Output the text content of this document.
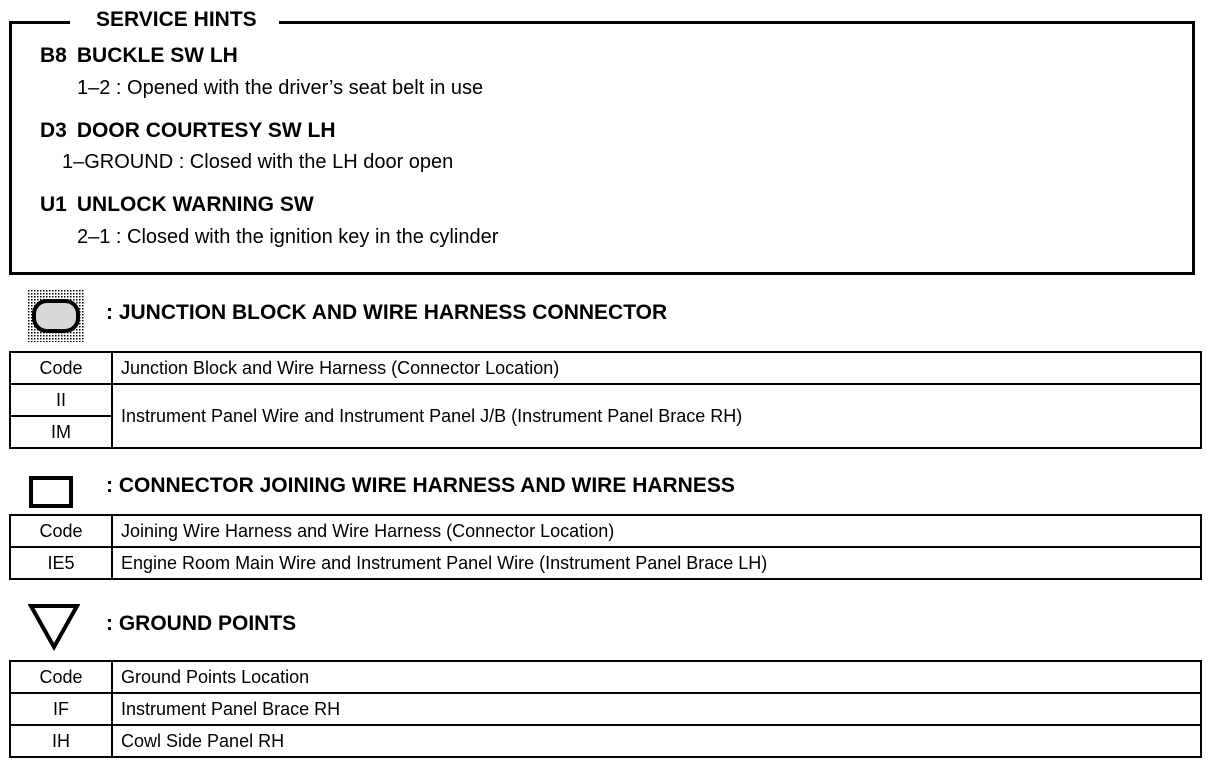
SERVICE HINTS
B8 BUCKLE SW LH
1–2 : Opened with the driver’s seat belt in use
D3 DOOR COURTESY SW LH
1–GROUND : Closed with the LH door open
U1 UNLOCK WARNING SW
2–1 : Closed with the ignition key in the cylinder
: JUNCTION BLOCK AND WIRE HARNESS CONNECTOR
Code	Junction Block and Wire Harness (Connector Location)
II	Instrument Panel Wire and Instrument Panel J/B (Instrument Panel Brace RH)
IM	
: CONNECTOR JOINING WIRE HARNESS AND WIRE HARNESS
Code	Joining Wire Harness and Wire Harness (Connector Location)
IE5	Engine Room Main Wire and Instrument Panel Wire (Instrument Panel Brace LH)
: GROUND POINTS
Code	Ground Points Location
IF	Instrument Panel Brace RH
IH	Cowl Side Panel RH
